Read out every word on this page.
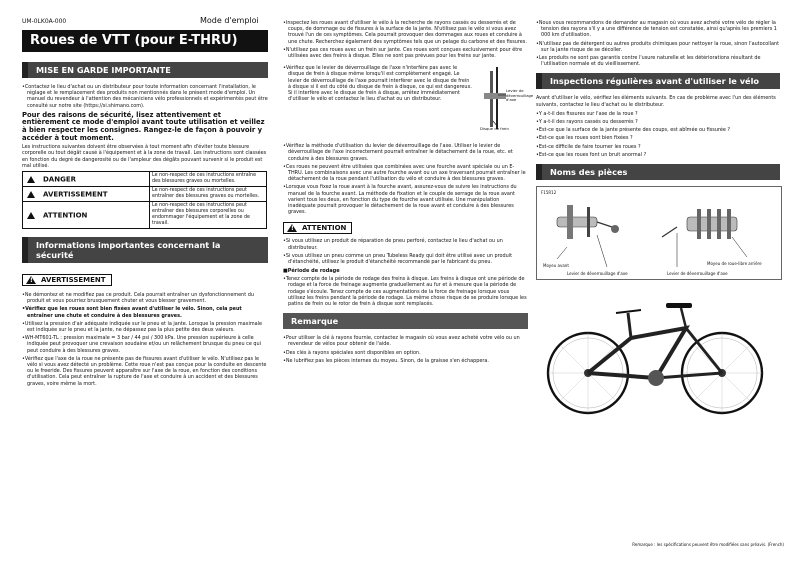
UM-0LK0A-000	Mode d'emploi
Roues de VTT (pour E-THRU)
MISE EN GARDE IMPORTANTE

• Contactez le lieu d'achat ou un distributeur pour toute information concernant l'installation, le réglage et le remplacement des produits non mentionnés dans le présent mode d'emploi. Un manuel du revendeur à l'attention des mécaniciens vélo professionnels et expérimentés peut être consulté sur notre site (https://si.shimano.com).

Pour des raisons de sécurité, lisez attentivement et entièrement ce mode d'emploi avant toute utilisation et veillez à bien respecter les consignes. Rangez-le de façon à pouvoir y accéder à tout moment.
Les instructions suivantes doivent être observées à tout moment afin d'éviter toute blessure corporelle ou tout dégât causé à l'équipement et à la zone de travail. Les instructions sont classées en fonction du degré de dangerosité ou de l'ampleur des dégâts pouvant survenir si le produit est mal utilisé.
DANGER	Le non-respect de ces instructions entraîne des blessures graves ou mortelles.
AVERTISSEMENT	Le non-respect de ces instructions peut entraîner des blessures graves ou mortelles.
ATTENTION	Le non-respect de ces instructions peut entraîner des blessures corporelles ou endommager l'équipement et la zone de travail.
Informations importantes concernant la sécurité
!
AVERTISSEMENT

• Ne démontez et ne modifiez pas ce produit. Cela pourrait entraîner un dysfonctionnement du produit et vous pourriez brusquement chuter et vous blesser gravement.

• Vérifiez que les roues sont bien fixées avant d'utiliser le vélo. Sinon, cela peut entraîner une chute et conduire à des blessures graves.

• Utilisez la pression d'air adéquate indiquée sur le pneu et la jante. Lorsque la pression maximale est indiquée sur le pneu et la jante, ne dépassez pas la plus petite des deux valeurs.

• WH-MT601-TL : pression maximale = 3 bar / 44 psi / 300 kPa. Une pression supérieure à celle indiquée peut provoquer une crevaison soudaine et/ou un relâchement brusque du pneu ce qui peut conduire à des blessures graves.

• Vérifiez que l'axe de la roue ne présente pas de fissures avant d'utiliser le vélo. N'utilisez pas le vélo si vous avez détecté un problème. Cette roue n'est pas conçue pour la conduite en descente ou le freeride. Des fissures peuvent apparaître sur l'axe de la roue, en fonction des conditions d'utilisation. Cela peut entraîner la rupture de l'axe et conduire à un accident et des blessures graves, voire même la mort.

• Inspectez les roues avant d'utiliser le vélo à la recherche de rayons cassés ou desserrés et de coups, de dommage ou de fissures à la surface de la jante. N'utilisez pas le vélo si vous avez trouvé l'un de ces symptômes. Cela pourrait provoquer des dommages aux roues et conduire à une chute. Recherchez également des symptômes tels que un pelage du carbone et des fissures.

• N'utilisez pas ces roues avec un frein sur jante. Ces roues sont conçues exclusivement pour être utilisées avec des freins à disque. Elles ne sont pas prévues pour les freins sur jante.

• Vérifiez que le levier de déverrouillage de l'axe n'interfère pas avec le disque de frein à disque même lorsqu'il est complètement engagé. Le levier de déverrouillage de l'axe pourrait interférer avec le disque de frein à disque si il est du côté du disque de frein à disque, ce qui est dangereux. Si il interfère avec le disque de frein à disque, arrêtez immédiatement d'utiliser le vélo et contactez le lieu d'achat ou un distributeur.

Levier de déverrouillage d'axe
Disque de frein

• Vérifiez la méthode d'utilisation du levier de déverrouillage de l'axe. Utiliser le levier de déverrouillage de l'axe incorrectement pourrait entraîner le détachement de la roue, etc. et conduire à des blessures graves.

• Ces roues ne peuvent être utilisées que combinées avec une fourche avant spéciale ou un E-THRU. Les combinaisons avec une autre fourche avant ou un axe traversant pourrait entraîner le détachement de la roue pendant l'utilisation du vélo et conduire à des blessures graves.

• Lorsque vous fixez la roue avant à la fourche avant, assurez-vous de suivre les instructions du manuel de la fourche avant. La méthode de fixation et le couple de serrage de la roue avant varient tous les deux, en fonction du type de fourche avant utilisée. Une manipulation inadéquate pourrait provoquer le détachement de la roue avant et conduire à des blessures graves.

!
ATTENTION

• Si vous utilisez un produit de réparation de pneu perforé, contactez le lieu d'achat ou un distributeur.

• Si vous utilisez un pneu comme un pneu Tubeless Ready qui doit être utilisé avec un produit d'étanchéité, utilisez le produit d'étanchéité recommandé par le fabricant du pneu.

■Période de rodage

• Tenez compte de la période de rodage des freins à disque. Les freins à disque ont une période de rodage et la force de freinage augmente graduellement au fur et à mesure que la période de rodage s'écoule. Tenez compte de ces augmentations de la force de freinage lorsque vous utilisez les freins pendant la période de rodage. La même chose risque de se produire lorsque les patins de frein ou le rotor de frein à disque sont remplacés.

Remarque

• Pour utiliser la clé à rayons fournie, contactez le magasin où vous avez acheté votre vélo ou un revendeur de vélos pour obtenir de l'aide.

• Des clés à rayons spéciales sont disponibles en option.

• Ne lubrifiez pas les pièces internes du moyeu. Sinon, de la graisse s'en échappera.

• Nous vous recommandons de demander au magasin où vous avez acheté votre vélo de régler la tension des rayons s'il y a une différence de tension est constatée, ainsi qu'après les premiers 1 000 km d'utilisation.

• N'utilisez pas de détergent ou autres produits chimiques pour nettoyer la roue, sinon l'autocollant sur la jante risque de se décoller.

• Les produits ne sont pas garantis contre l'usure naturelle et les détériorations résultant de l'utilisation normale et du vieillissement.

Inspections régulières avant d'utiliser le vélo
Avant d'utiliser le vélo, vérifiez les éléments suivants. En cas de problème avec l'un des éléments suivants, contactez le lieu d'achat ou le distributeur.

• Y a-t-il des fissures sur l'axe de la roue ?

• Y a-t-il des rayons cassés ou desserrés ?

• Est-ce que la surface de la jante présente des coups, est abîmée ou fissurée ?

• Est-ce que les roues sont bien fixées ?

• Est-ce difficile de faire tourner les roues ?

• Est-ce que les roues font un bruit anormal ?

Noms des pièces
F15R12
Moyeu avant	Moyeu de roue-libre arrière
Levier de déverrouillage d'axe	Levier de déverrouillage d'axe
Remarque : les spécifications peuvent être modifiées sans préavis. (French)
